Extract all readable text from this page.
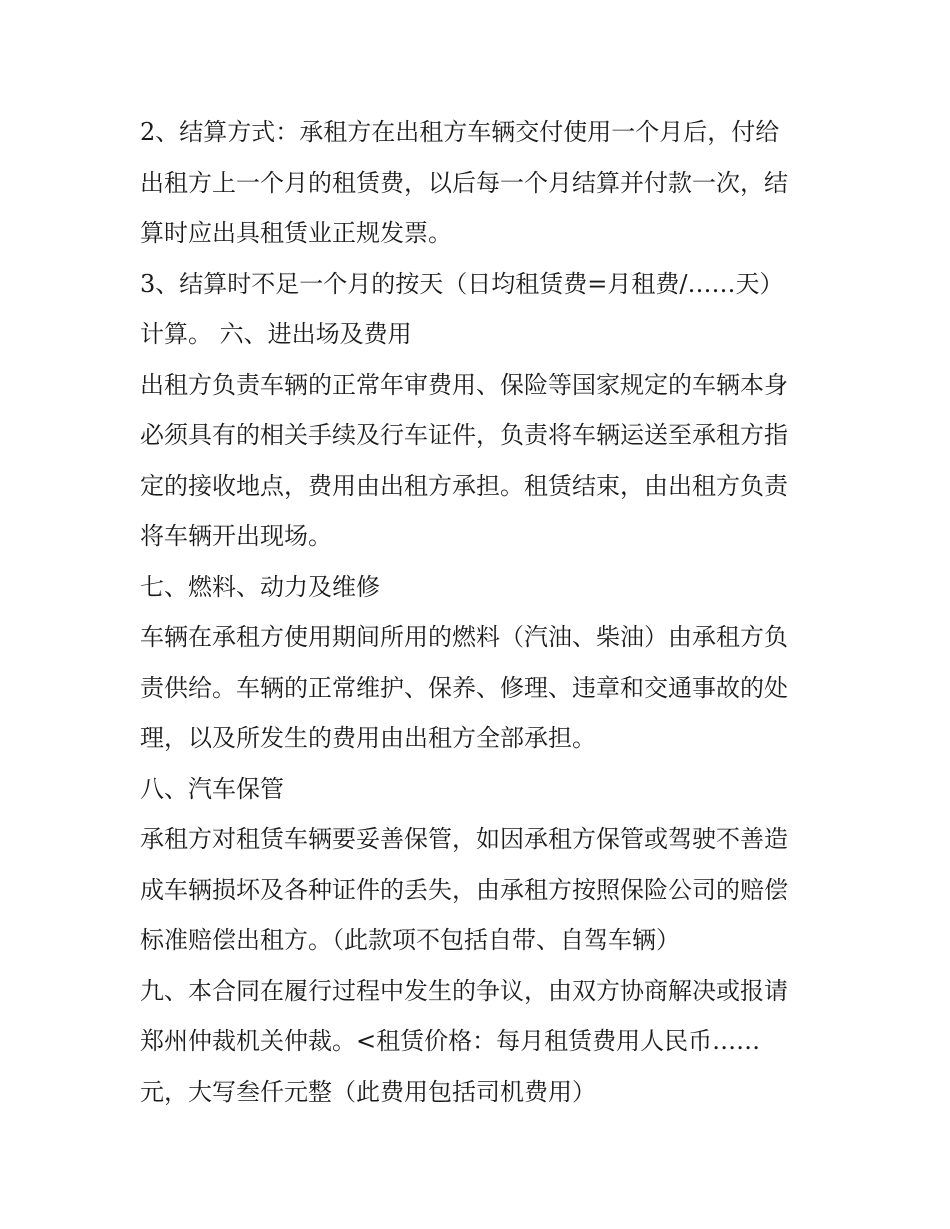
2、结算方式：承租方在出租方车辆交付使用一个月后，付给
出租方上一个月的租赁费，以后每一个月结算并付款一次，结
算时应出具租赁业正规发票。
3、结算时不足一个月的按天（日均租赁费=月租费/……天）
计算。 六、进出场及费用
出租方负责车辆的正常年审费用、保险等国家规定的车辆本身
必须具有的相关手续及行车证件，负责将车辆运送至承租方指
定的接收地点，费用由出租方承担。租赁结束，由出租方负责
将车辆开出现场。
七、燃料、动力及维修
车辆在承租方使用期间所用的燃料（汽油、柴油）由承租方负
责供给。车辆的正常维护、保养、修理、违章和交通事故的处
理，以及所发生的费用由出租方全部承担。
八、汽车保管
承租方对租赁车辆要妥善保管，如因承租方保管或驾驶不善造
成车辆损坏及各种证件的丢失，由承租方按照保险公司的赔偿
标准赔偿出租方。（此款项不包括自带、自驾车辆）
九、本合同在履行过程中发生的争议，由双方协商解决或报请
郑州仲裁机关仲裁。<租赁价格：每月租赁费用人民币……
元，大写叁仟元整（此费用包括司机费用）
